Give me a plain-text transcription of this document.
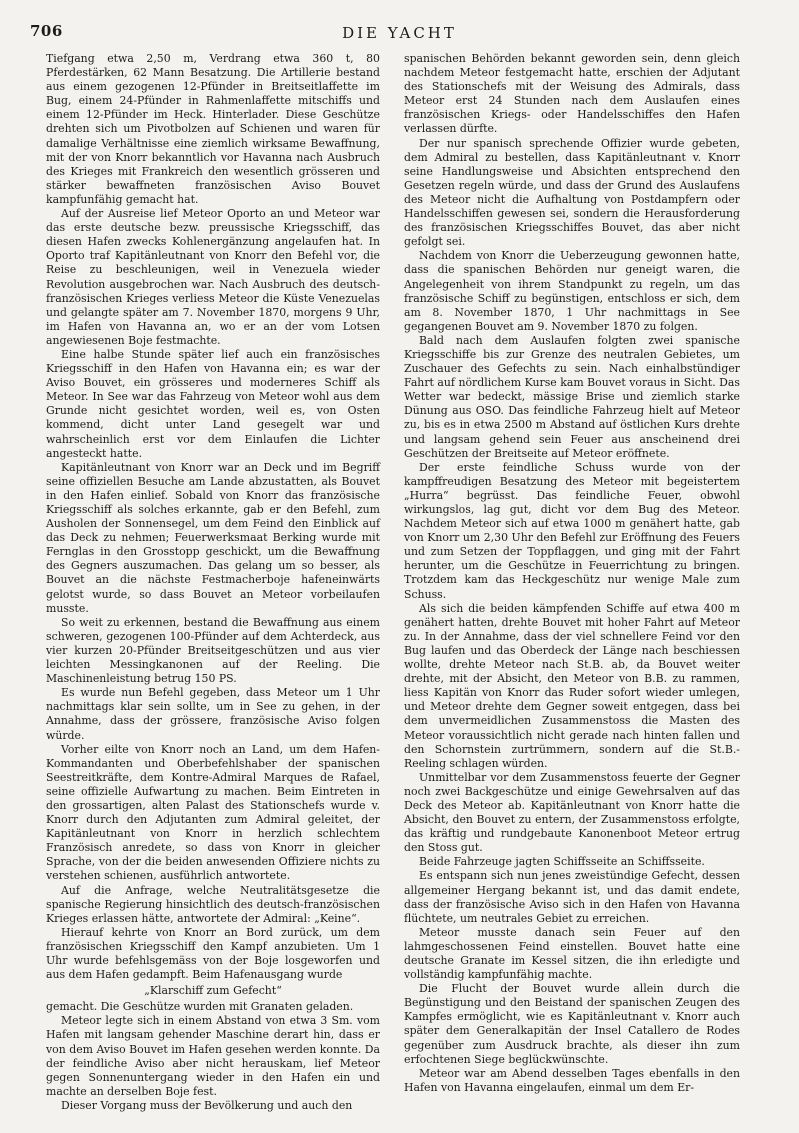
706	DIE YACHT

Tiefgang etwa 2,50 m, Verdrang etwa 360 t, 80 Pferdestärken, 62 Mann Besatzung. Die Artillerie bestand aus einem gezogenen 12-Pfünder in Breitseitlaffette im Bug, einem 24-Pfünder in Rahmenlaffette mitschiffs und einem 12-Pfünder im Heck. Hinterlader. Diese Geschütze drehten sich um Pivotbolzen auf Schienen und waren für damalige Verhältnisse eine ziemlich wirksame Bewaffnung, mit der von Knorr bekanntlich vor Havanna nach Ausbruch des Krieges mit Frankreich den wesentlich grösseren und stärker bewaffneten französischen Aviso Bouvet kampfunfähig gemacht hat.

Auf der Ausreise lief Meteor Oporto an und Meteor war das erste deutsche bezw. preussische Kriegsschiff, das diesen Hafen zwecks Kohlenergänzung angelaufen hat. In Oporto traf Kapitänleutnant von Knorr den Befehl vor, die Reise zu beschleunigen, weil in Venezuela wieder Revolution ausgebrochen war. Nach Ausbruch des deutsch-französischen Krieges verliess Meteor die Küste Venezuelas und gelangte später am 7. November 1870, morgens 9 Uhr, im Hafen von Havanna an, wo er an der vom Lotsen angewiesenen Boje festmachte.

Eine halbe Stunde später lief auch ein französisches Kriegsschiff in den Hafen von Havanna ein; es war der Aviso Bouvet, ein grösseres und moderneres Schiff als Meteor. In See war das Fahrzeug von Meteor wohl aus dem Grunde nicht gesichtet worden, weil es, von Osten kommend, dicht unter Land gesegelt war und wahrscheinlich erst vor dem Einlaufen die Lichter angesteckt hatte.

Kapitänleutnant von Knorr war an Deck und im Begriff seine offiziellen Besuche am Lande abzustatten, als Bouvet in den Hafen einlief. Sobald von Knorr das französische Kriegsschiff als solches erkannte, gab er den Befehl, zum Ausholen der Sonnensegel, um dem Feind den Einblick auf das Deck zu nehmen; Feuerwerksmaat Berking wurde mit Fernglas in den Grosstopp geschickt, um die Bewaffnung des Gegners auszumachen. Das gelang um so besser, als Bouvet an die nächste Festmacherboje hafeneinwärts gelotst wurde, so dass Bouvet an Meteor vorbeilaufen musste.

So weit zu erkennen, bestand die Bewaffnung aus einem schweren, gezogenen 100-Pfünder auf dem Achterdeck, aus vier kurzen 20-Pfünder Breitseitgeschützen und aus vier leichten Messingkanonen auf der Reeling. Die Maschinenleistung betrug 150 PS.

Es wurde nun Befehl gegeben, dass Meteor um 1 Uhr nachmittags klar sein sollte, um in See zu gehen, in der Annahme, dass der grössere, französische Aviso folgen würde.

Vorher eilte von Knorr noch an Land, um dem Hafen-Kommandanten und Oberbefehlshaber der spanischen Seestreitkräfte, dem Kontre-Admiral Marques de Rafael, seine offizielle Aufwartung zu machen. Beim Eintreten in den grossartigen, alten Palast des Stationschefs wurde v. Knorr durch den Adjutanten zum Admiral geleitet, der Kapitänleutnant von Knorr in herzlich schlechtem Französisch anredete, so dass von Knorr in gleicher Sprache, von der die beiden anwesenden Offiziere nichts zu verstehen schienen, ausführlich antwortete.

Auf die Anfrage, welche Neutralitätsgesetze die spanische Regierung hinsichtlich des deutsch-französischen Krieges erlassen hätte, antwortete der Admiral: „Keine“.

Hierauf kehrte von Knorr an Bord zurück, um dem französischen Kriegsschiff den Kampf anzubieten. Um 1 Uhr wurde befehlsgemäss von der Boje losgeworfen und aus dem Hafen gedampft. Beim Hafenausgang wurde

„Klarschiff zum Gefecht“

gemacht. Die Geschütze wurden mit Granaten geladen.

Meteor legte sich in einem Abstand von etwa 3 Sm. vom Hafen mit langsam gehender Maschine derart hin, dass er von dem Aviso Bouvet im Hafen gesehen werden konnte. Da der feindliche Aviso aber nicht herauskam, lief Meteor gegen Sonnenuntergang wieder in den Hafen ein und machte an derselben Boje fest.

Dieser Vorgang muss der Bevölkerung und auch den

spanischen Behörden bekannt geworden sein, denn gleich nachdem Meteor festgemacht hatte, erschien der Adjutant des Stationschefs mit der Weisung des Admirals, dass Meteor erst 24 Stunden nach dem Auslaufen eines französischen Kriegs- oder Handelsschiffes den Hafen verlassen dürfte.

Der nur spanisch sprechende Offizier wurde gebeten, dem Admiral zu bestellen, dass Kapitänleutnant v. Knorr seine Handlungsweise und Absichten entsprechend den Gesetzen regeln würde, und dass der Grund des Auslaufens des Meteor nicht die Aufhaltung von Postdampfern oder Handelsschiffen gewesen sei, sondern die Herausforderung des französischen Kriegsschiffes Bouvet, das aber nicht gefolgt sei.

Nachdem von Knorr die Ueberzeugung gewonnen hatte, dass die spanischen Behörden nur geneigt waren, die Angelegenheit von ihrem Standpunkt zu regeln, um das französische Schiff zu begünstigen, entschloss er sich, dem am 8. November 1870, 1 Uhr nachmittags in See gegangenen Bouvet am 9. November 1870 zu folgen.

Bald nach dem Auslaufen folgten zwei spanische Kriegsschiffe bis zur Grenze des neutralen Gebietes, um Zuschauer des Gefechts zu sein. Nach einhalbstündiger Fahrt auf nördlichem Kurse kam Bouvet voraus in Sicht. Das Wetter war bedeckt, mässige Brise und ziemlich starke Dünung aus OSO. Das feindliche Fahrzeug hielt auf Meteor zu, bis es in etwa 2500 m Abstand auf östlichen Kurs drehte und langsam gehend sein Feuer aus anscheinend drei Geschützen der Breitseite auf Meteor eröffnete.

Der erste feindliche Schuss wurde von der kampffreudigen Besatzung des Meteor mit begeistertem „Hurra“ begrüsst. Das feindliche Feuer, obwohl wirkungslos, lag gut, dicht vor dem Bug des Meteor. Nachdem Meteor sich auf etwa 1000 m genähert hatte, gab von Knorr um 2,30 Uhr den Befehl zur Eröffnung des Feuers und zum Setzen der Toppflaggen, und ging mit der Fahrt herunter, um die Geschütze in Feuerrichtung zu bringen. Trotzdem kam das Heckgeschütz nur wenige Male zum Schuss.

Als sich die beiden kämpfenden Schiffe auf etwa 400 m genähert hatten, drehte Bouvet mit hoher Fahrt auf Meteor zu. In der Annahme, dass der viel schnellere Feind vor den Bug laufen und das Oberdeck der Länge nach beschiessen wollte, drehte Meteor nach St.B. ab, da Bouvet weiter drehte, mit der Absicht, den Meteor von B.B. zu rammen, liess Kapitän von Knorr das Ruder sofort wieder umlegen, und Meteor drehte dem Gegner soweit entgegen, dass bei dem unvermeidlichen Zusammenstoss die Masten des Meteor voraussichtlich nicht gerade nach hinten fallen und den Schornstein zurtrümmern, sondern auf die St.B.-Reeling schlagen würden.

Unmittelbar vor dem Zusammenstoss feuerte der Gegner noch zwei Backgeschütze und einige Gewehrsalven auf das Deck des Meteor ab. Kapitänleutnant von Knorr hatte die Absicht, den Bouvet zu entern, der Zusammenstoss erfolgte, das kräftig und rundgebaute Kanonenboot Meteor ertrug den Stoss gut.

Beide Fahrzeuge jagten Schiffsseite an Schiffsseite.

Es entspann sich nun jenes zweistündige Gefecht, dessen allgemeiner Hergang bekannt ist, und das damit endete, dass der französische Aviso sich in den Hafen von Havanna flüchtete, um neutrales Gebiet zu erreichen.

Meteor musste danach sein Feuer auf den lahmgeschossenen Feind einstellen. Bouvet hatte eine deutsche Granate im Kessel sitzen, die ihn erledigte und vollständig kampfunfähig machte.

Die Flucht der Bouvet wurde allein durch die Begünstigung und den Beistand der spanischen Zeugen des Kampfes ermöglicht, wie es Kapitänleutnant v. Knorr auch später dem Generalkapitän der Insel Catallero de Rodes gegenüber zum Ausdruck brachte, als dieser ihn zum erfochtenen Siege beglückwünschte.

Meteor war am Abend desselben Tages ebenfalls in den Hafen von Havanna eingelaufen, einmal um dem Er-
